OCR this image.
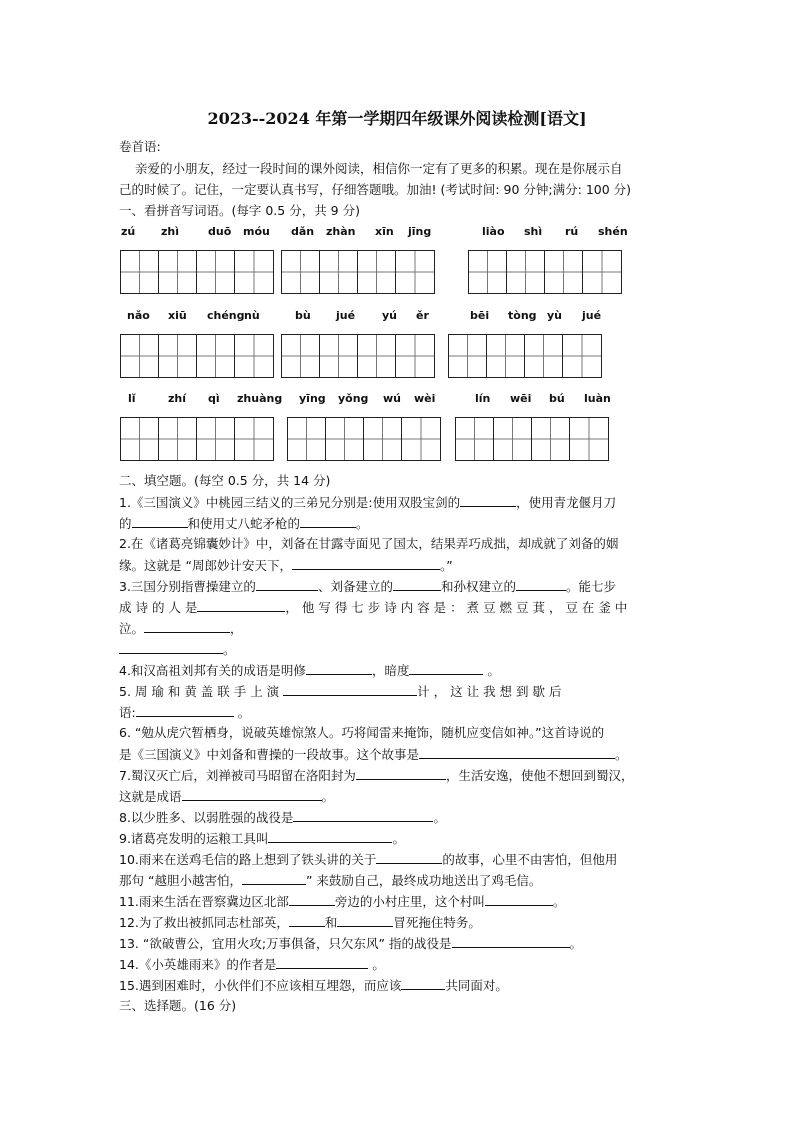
2023--2024 年第一学期四年级课外阅读检测[语文]
卷首语:
亲爱的小朋友，经过一段时间的课外阅读，相信你一定有了更多的积累。现在是你展示自
己的时候了。记住，一定要认真书写，仔细答题哦。加油! (考试时间: 90 分钟;满分: 100 分)
一、看拼音写词语。(每字 0.5 分，共 9 分)
zú zhì	duō móu dǎn zhàn xīn jīng	liào shì rú shén
nǎo xiū chéng nù	bù jué yú ěr	bēi tòng yù jué
lǐ	zhí qì zhuàng yīng yǒng wú wèi	lín wēi bú luàn
二、填空题。(每空 0.5 分，共 14 分)
1.《三国演义》中桃园三结义的三弟兄分别是:使用双股宝剑的	，使用青龙偃月刀
的	和使用丈八蛇矛枪的	。
2.在《诸葛亮锦囊妙计》中，刘备在甘露寺面见了国太，结果弄巧成拙，却成就了刘备的姻
缘。这就是 “周郎妙计安天下，	。”
3.三国分别指曹操建立的	、刘备建立的	和孙权建立的	。能七步
成 诗 的 人 是	， 他 写 得 七 步 诗 内 容 是 ： 煮 豆 燃 豆 萁 ， 豆 在 釜 中
泣。	，
。
4.和汉高祖刘邦有关的成语是明修	，暗度	。
5. 周 瑜 和 黄 盖 联 手 上 演	计 ， 这 让 我 想 到 歇 后
语:	。
6. “勉从虎穴暂栖身，说破英雄惊煞人。巧将闻雷来掩饰，随机应变信如神。”这首诗说的
是《三国演义》中刘备和曹操的一段故事。这个故事是	。
7.蜀汉灭亡后，刘禅被司马昭留在洛阳封为	，生活安逸，使他不想回到蜀汉，
这就是成语	。
8.以少胜多、以弱胜强的战役是	。
9.诸葛亮发明的运粮工具叫	。
10.雨来在送鸡毛信的路上想到了铁头讲的关于	的故事，心里不由害怕，但他用
那句 “越胆小越害怕，	” 来鼓励自己，最终成功地送出了鸡毛信。
11.雨来生活在晋察冀边区北部	旁边的小村庄里，这个村叫	。
12.为了救出被抓同志杜部英，	和	冒死拖住特务。
13. “欲破曹公，宜用火攻;万事俱备，只欠东风” 指的战役是	。
14.《小英雄雨来》的作者是	。
15.遇到困难时，小伙伴们不应该相互埋怨，而应该	共同面对。
三、选择题。(16 分)
